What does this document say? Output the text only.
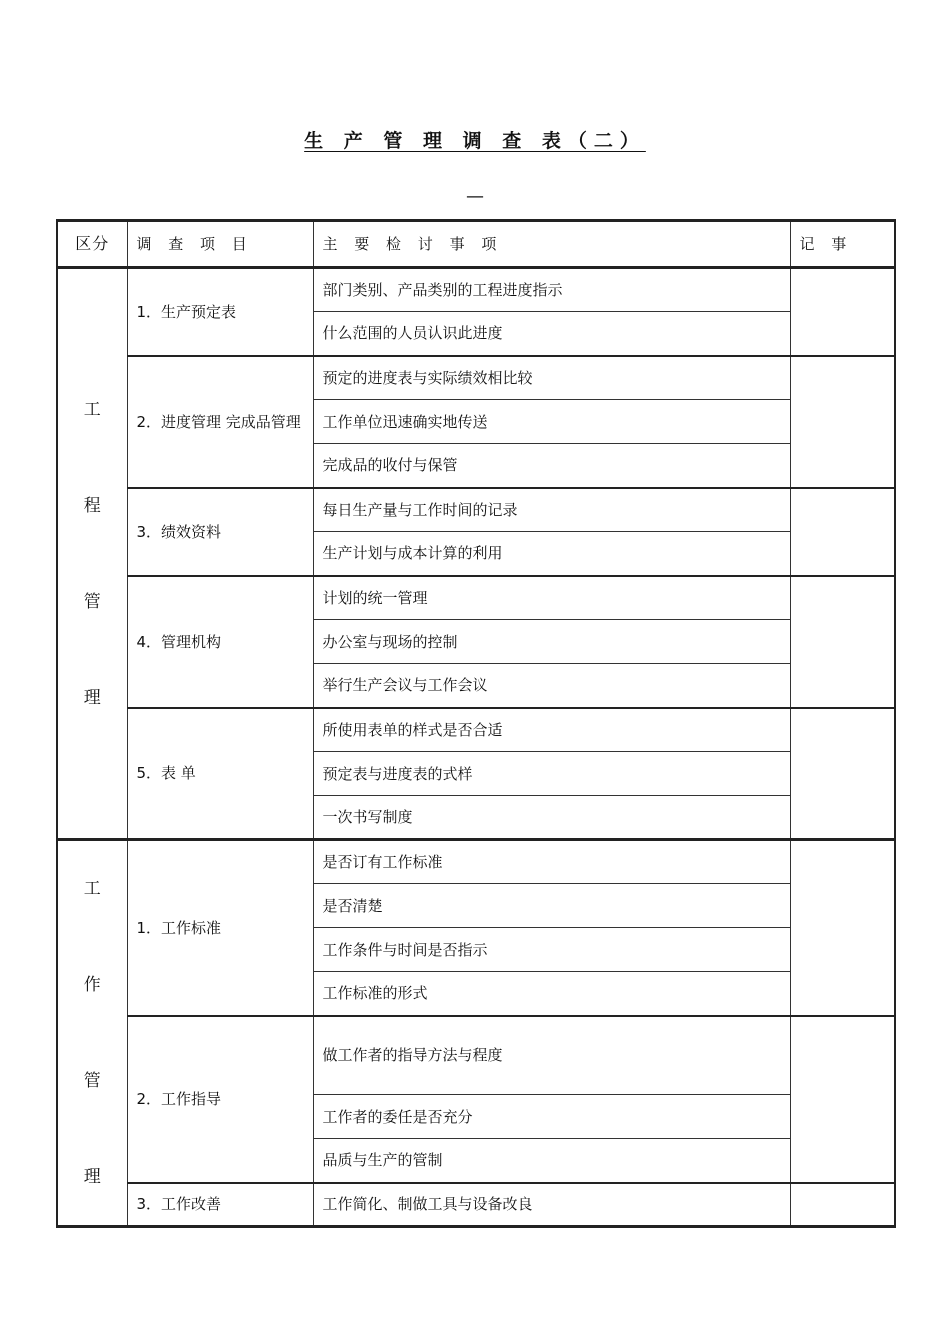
生 产 管 理 调 查 表（二）
—
区分	调 查 项 目	主 要 检 讨 事 项	记 事

工
程
管
理	1．生产预定表	部门类别、产品类别的工程进度指示	
		什么范围的人员认识此进度	
	2．进度管理 完成品管理	预定的进度表与实际绩效相比较	
		工作单位迅速确实地传送	
		完成品的收付与保管	
	3．绩效资料	每日生产量与工作时间的记录	
		生产计划与成本计算的利用	
	4．管理机构	计划的统一管理	
		办公室与现场的控制	
		举行生产会议与工作会议	
	5．表 单	所使用表单的样式是否合适	
		预定表与进度表的式样	
		一次书写制度	

工
作
管
理	1．工作标准	是否订有工作标准	
		是否清楚	
		工作条件与时间是否指示	
		工作标准的形式	
	2．工作指导	做工作者的指导方法与程度	
		工作者的委任是否充分	
		品质与生产的管制	
	3．工作改善	工作简化、制做工具与设备改良	
